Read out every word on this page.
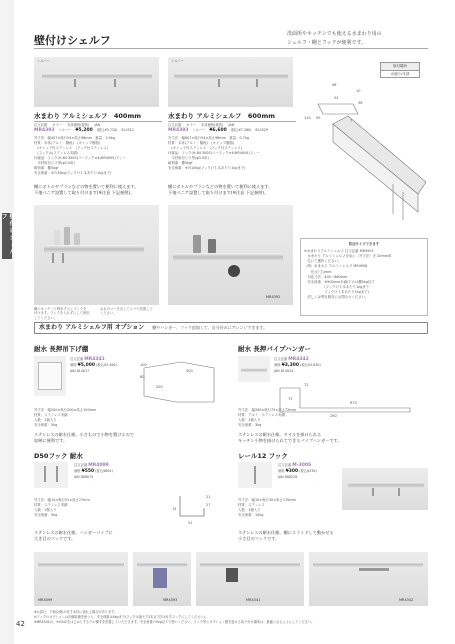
壁付けシェルフ
壁付けシェルフ	洗面所やキッチンでも使える水まわり用の
シェルフ・棚とフックが便利です。
シルバー	シルバー
取付場所
水廻り/木部
98
54
10
36
110 55
7
水まわり アルミシェルフ　400mm
注文記番 カラー 本体価格(税抜) JAN
MR4393 シルバー ¥5,200 (税込¥5,720) 814512
外寸法：幅407×奥行54×高さ98mm　重量：0.5kg
材質：本体(アルミ・陽極)　(キャップ樹脂)
　(キャップ付ステンレス　(フック付ステンレス)
　(フックは(ステンレス実績)
付属品：フック(H-84 300S)コーフック×4(HR4004)フィー
　木材取付ビス等(φ3.0用)
耐荷重：棚5kgf
安全荷重：※7/10kg(フックけ１本あたり1kgまで)
棚にボトルやプランなどの物を置いて便利に使えます。
下地ベニア設置して取り付けます(※注意 下記参照)。
水まわり アルミシェルフ　600mm
注文記番 カラー 本体価格(税抜) JAN
MR4393 シルバー ¥6,600 (税込¥7,260) 814529
外寸法：幅607×奥行54×高さ98mm　重量：0.7kg
材質：本体(アルミ・陽極)　(キャップ樹脂)
　(キャップ付ステンレス　(フック付ステンレス)
付属品：フック(H-84 300S)コーフック×4(HR4004)フィー
　木材取付ビス等(φ3.0用)
耐荷重：棚5kgf
安全荷重：※7/10kg(フックけ１本あたり1kgまで)
棚にボトルやプランなどの物を置いて便利に使えます。
下地ベニア設置して取り付けます(※注意 下記参照)。
棚のキッチンで利用するとフックを
付けます。フックを入れずにして使用
してください。
お水のパーを出してエマで設置して
ください。
MR4392
防法サイズできます
※水まわりアルミシェルフ 注文記番 MR4903
　水まわり アルミシェルフを床に（外寸法）を 20mm単
　位にて選択ください。
（例）水まわり アルミシェルフ MR4908
　　長さ(寸))mm
　対応寸法：400〜860mm
　安全荷重：※900mm未満/下のは棚5kg以下
　　　　　　(フックけ１本あたり1kgまで
　　　　　　フックけ１本あたり1kgまで)
　詳しくは弊社販売にお問合せください。
水まわり アルミシェルフ用 オプション 棚やハンガー、フック追加して、自分好みにアレンジできます。
耐水 長押吊下げ棚
注文記番 MR4341
価格 ¥5,000 (税込¥5,500)
JAN 814017
100
80
200
300
外寸法：幅200×奥行200×高さ100mm
材質：ステンレス実績
入数：1個入り
安全荷重：5kg
ステンレスの耐水仕様。小さもので小物を置けるので
収納に便利です。
耐水 長押パイプハンガー
注文記番 MR4342
価格 ¥3,300 (税込¥3,630)
JAN 814024
72
75
R70
260
外寸法：幅260×奥行75×高さ72mm
材質：アルミ・ステンレス実績
入数：1個入り
安全荷重：3kg
ステンレスの耐水仕様。タオルを掛けられる
キッチン小物を掛けられてできるパイプハンガーです。
D50フック 耐水
注文記番 MR4099
価格 ¥550 (税込¥605)
JAN 808075
21
27
15
51
外寸法：幅15×奥行51×高さ27mm
材質：ステンレス実績
入数：1個入り
安全荷重：5kg
ステンレスの耐水仕様。ハンガーパイプに
大き目のフックです。
レール12 フック
注文記番 M-300S
価格 ¥300 (税込¥330)
JAN 808228
外寸法：幅10×奥行30×高さ170mm
材質：ステンレス
入数：1個入り
安全荷重：10kg
ステンレスの耐水仕様。棚にスライドして動かせる
小さ目のフックです。
MR4099	MR4393	MR4341	MR4342
※お届け、下地(2面)が付き本体に表れる場合があります。
※フックのオプションは各種装備を使うと、安全荷重は5kgまで(フックは最大で2本)(寸法は付きフックにしてください)。
※MR4341は、※4342をはじめとする下の横手を設置していただきます。安全荷重の5kg以下で使いください。フック等とオプション類を掛ける取り付け場所は、最適となるようにしてください。
42
